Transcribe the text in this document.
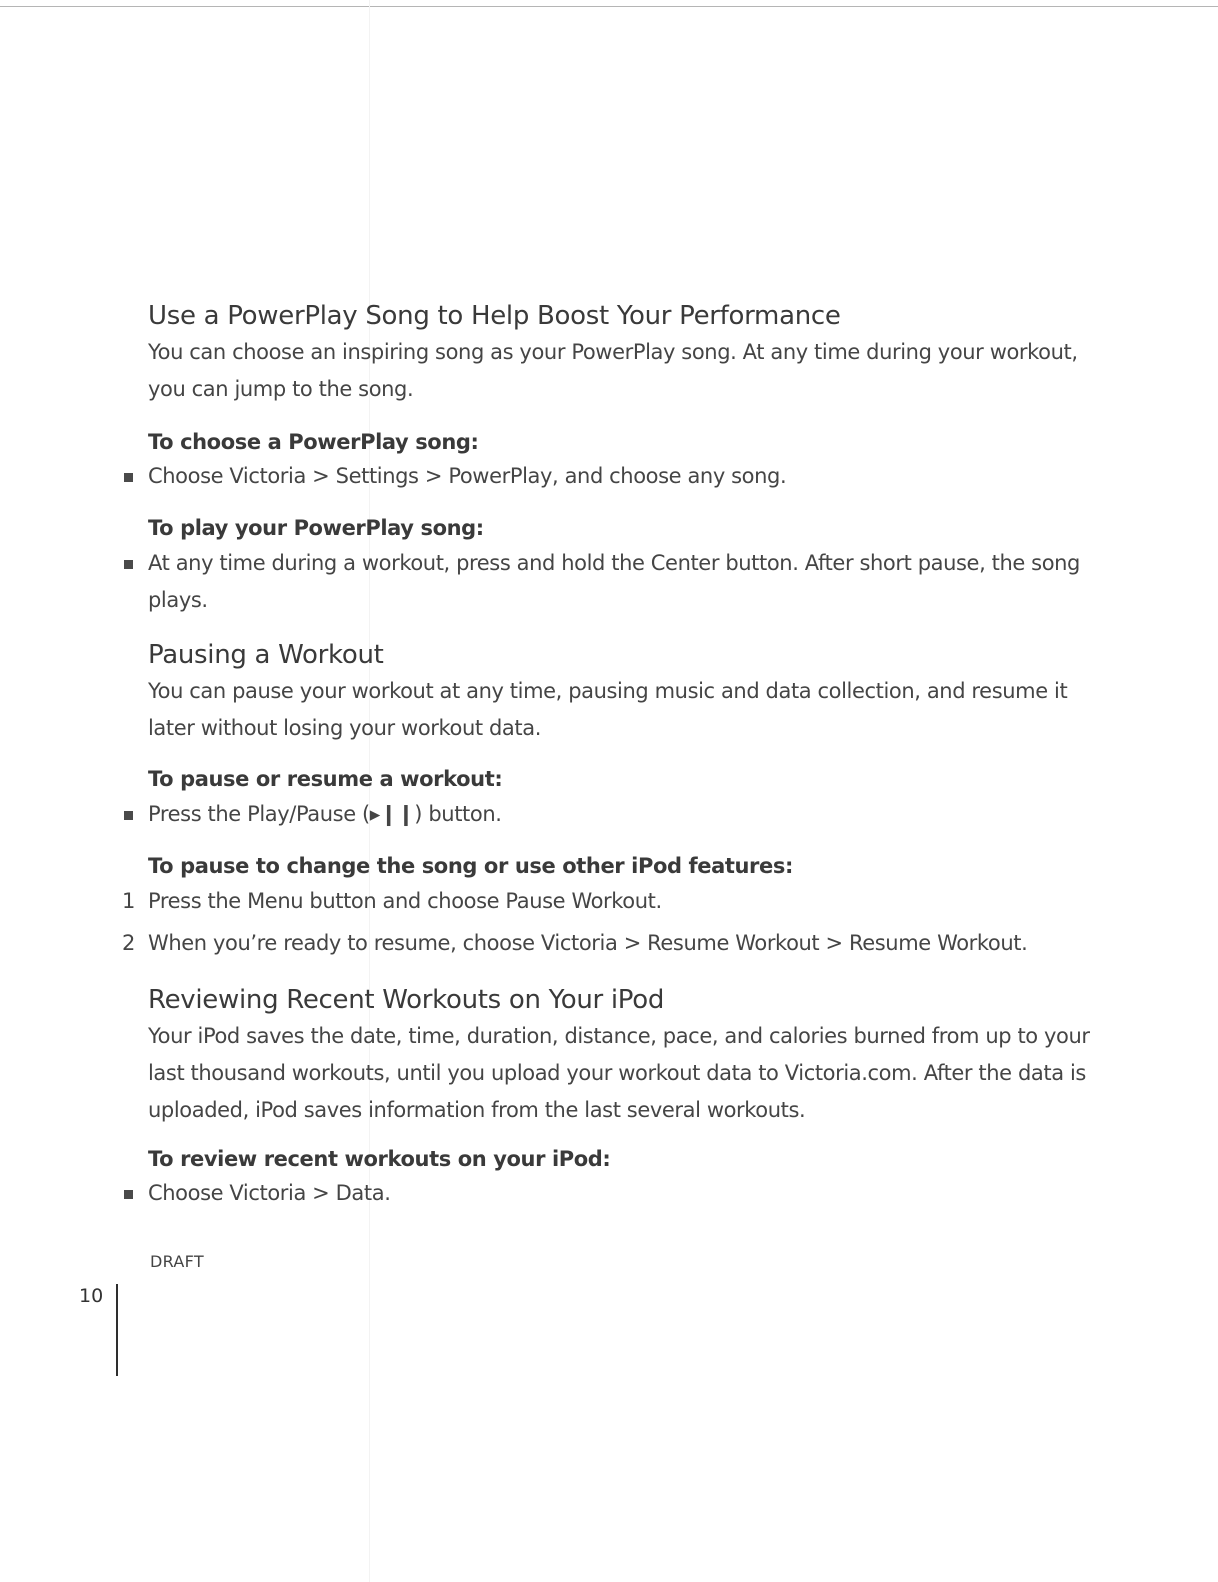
Use a PowerPlay Song to Help Boost Your Performance

You can choose an inspiring song as your PowerPlay song. At any time during your workout, you can jump to the song.

To choose a PowerPlay song:
Choose Victoria > Settings > PowerPlay, and choose any song.
To play your PowerPlay song:
At any time during a workout, press and hold the Center button. After short pause, the song plays.
Pausing a Workout

You can pause your workout at any time, pausing music and data collection, and resume it later without losing your workout data.

To pause or resume a workout:
Press the Play/Pause (▸❙❙) button.
To pause to change the song or use other iPod features:
1 Press the Menu button and choose Pause Workout.
2 When you’re ready to resume, choose Victoria > Resume Workout > Resume Workout.
Reviewing Recent Workouts on Your iPod

Your iPod saves the date, time, duration, distance, pace, and calories burned from up to your last thousand workouts, until you upload your workout data to Victoria.com. After the data is uploaded, iPod saves information from the last several workouts.

To review recent workouts on your iPod:
Choose Victoria > Data.
DRAFT
10
